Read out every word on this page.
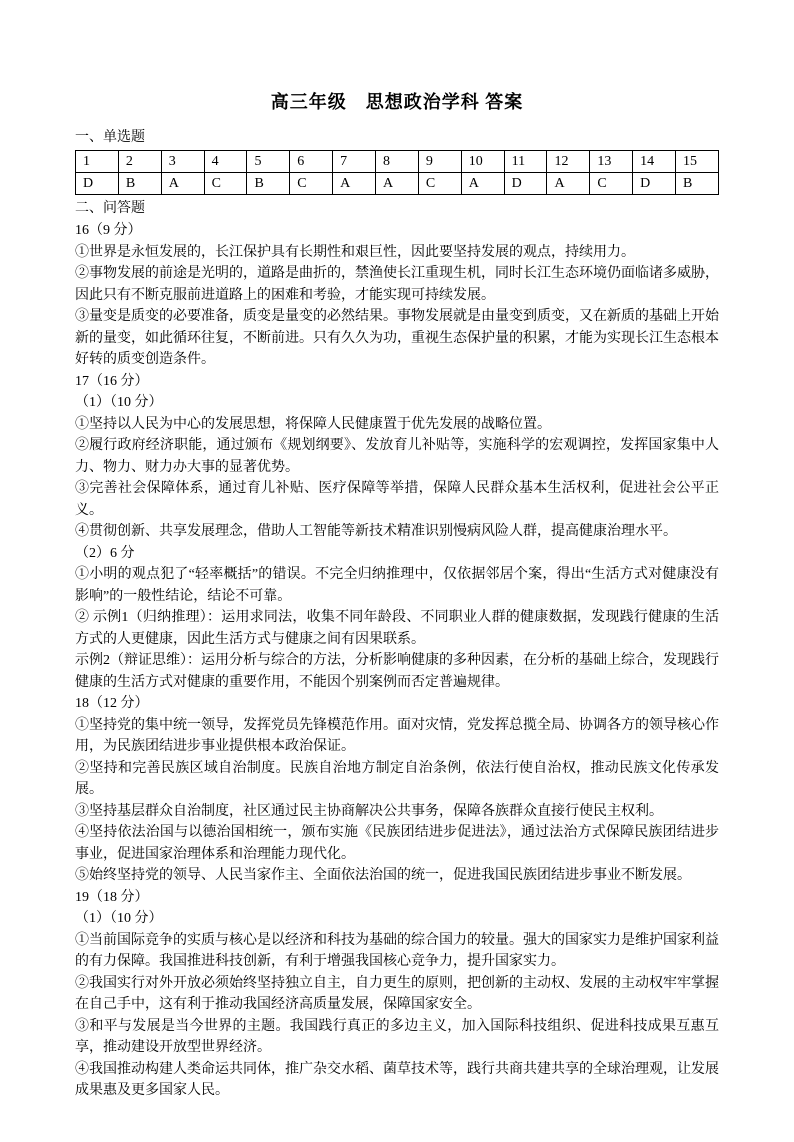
高三年级　思想政治学科 答案
一、单选题
1	2	3	4	5	6	7	8	9	10	11	12	13	14	15
D	B	A	C	B	C	A	A	C	A	D	A	C	D	B
二、问答题
16（9 分）
①世界是永恒发展的，长江保护具有长期性和艰巨性，因此要坚持发展的观点，持续用力。
②事物发展的前途是光明的，道路是曲折的，禁渔使长江重现生机，同时长江生态环境仍面临诸多威胁，因此只有不断克服前进道路上的困难和考验，才能实现可持续发展。
③量变是质变的必要准备，质变是量变的必然结果。事物发展就是由量变到质变，又在新质的基础上开始新的量变，如此循环往复，不断前进。只有久久为功，重视生态保护量的积累，才能为实现长江生态根本好转的质变创造条件。
17（16 分）
（1）（10 分）
①坚持以人民为中心的发展思想，将保障人民健康置于优先发展的战略位置。
②履行政府经济职能，通过颁布《规划纲要》、发放育儿补贴等，实施科学的宏观调控，发挥国家集中人力、物力、财力办大事的显著优势。
③完善社会保障体系，通过育儿补贴、医疗保障等举措，保障人民群众基本生活权利，促进社会公平正义。
④贯彻创新、共享发展理念，借助人工智能等新技术精准识别慢病风险人群，提高健康治理水平。
（2）6 分
①小明的观点犯了“轻率概括”的错误。不完全归纳推理中，仅依据邻居个案，得出“生活方式对健康没有影响”的一般性结论，结论不可靠。
② 示例1（归纳推理）：运用求同法，收集不同年龄段、不同职业人群的健康数据，发现践行健康的生活方式的人更健康，因此生活方式与健康之间有因果联系。
示例2（辩证思维）：运用分析与综合的方法，分析影响健康的多种因素，在分析的基础上综合，发现践行健康的生活方式对健康的重要作用，不能因个别案例而否定普遍规律。
18（12 分）
①坚持党的集中统一领导，发挥党员先锋模范作用。面对灾情，党发挥总揽全局、协调各方的领导核心作用，为民族团结进步事业提供根本政治保证。
②坚持和完善民族区域自治制度。民族自治地方制定自治条例，依法行使自治权，推动民族文化传承发展。
③坚持基层群众自治制度，社区通过民主协商解决公共事务，保障各族群众直接行使民主权利。
④坚持依法治国与以德治国相统一，颁布实施《民族团结进步促进法》，通过法治方式保障民族团结进步事业，促进国家治理体系和治理能力现代化。
⑤始终坚持党的领导、人民当家作主、全面依法治国的统一，促进我国民族团结进步事业不断发展。
19（18 分）
（1）（10 分）
①当前国际竞争的实质与核心是以经济和科技为基础的综合国力的较量。强大的国家实力是维护国家利益的有力保障。我国推进科技创新，有利于增强我国核心竞争力，提升国家实力。
②我国实行对外开放必须始终坚持独立自主，自力更生的原则，把创新的主动权、发展的主动权牢牢掌握在自己手中，这有利于推动我国经济高质量发展，保障国家安全。
③和平与发展是当今世界的主题。我国践行真正的多边主义，加入国际科技组织、促进科技成果互惠互享，推动建设开放型世界经济。
④我国推动构建人类命运共同体，推广杂交水稻、菌草技术等，践行共商共建共享的全球治理观，让发展成果惠及更多国家人民。
